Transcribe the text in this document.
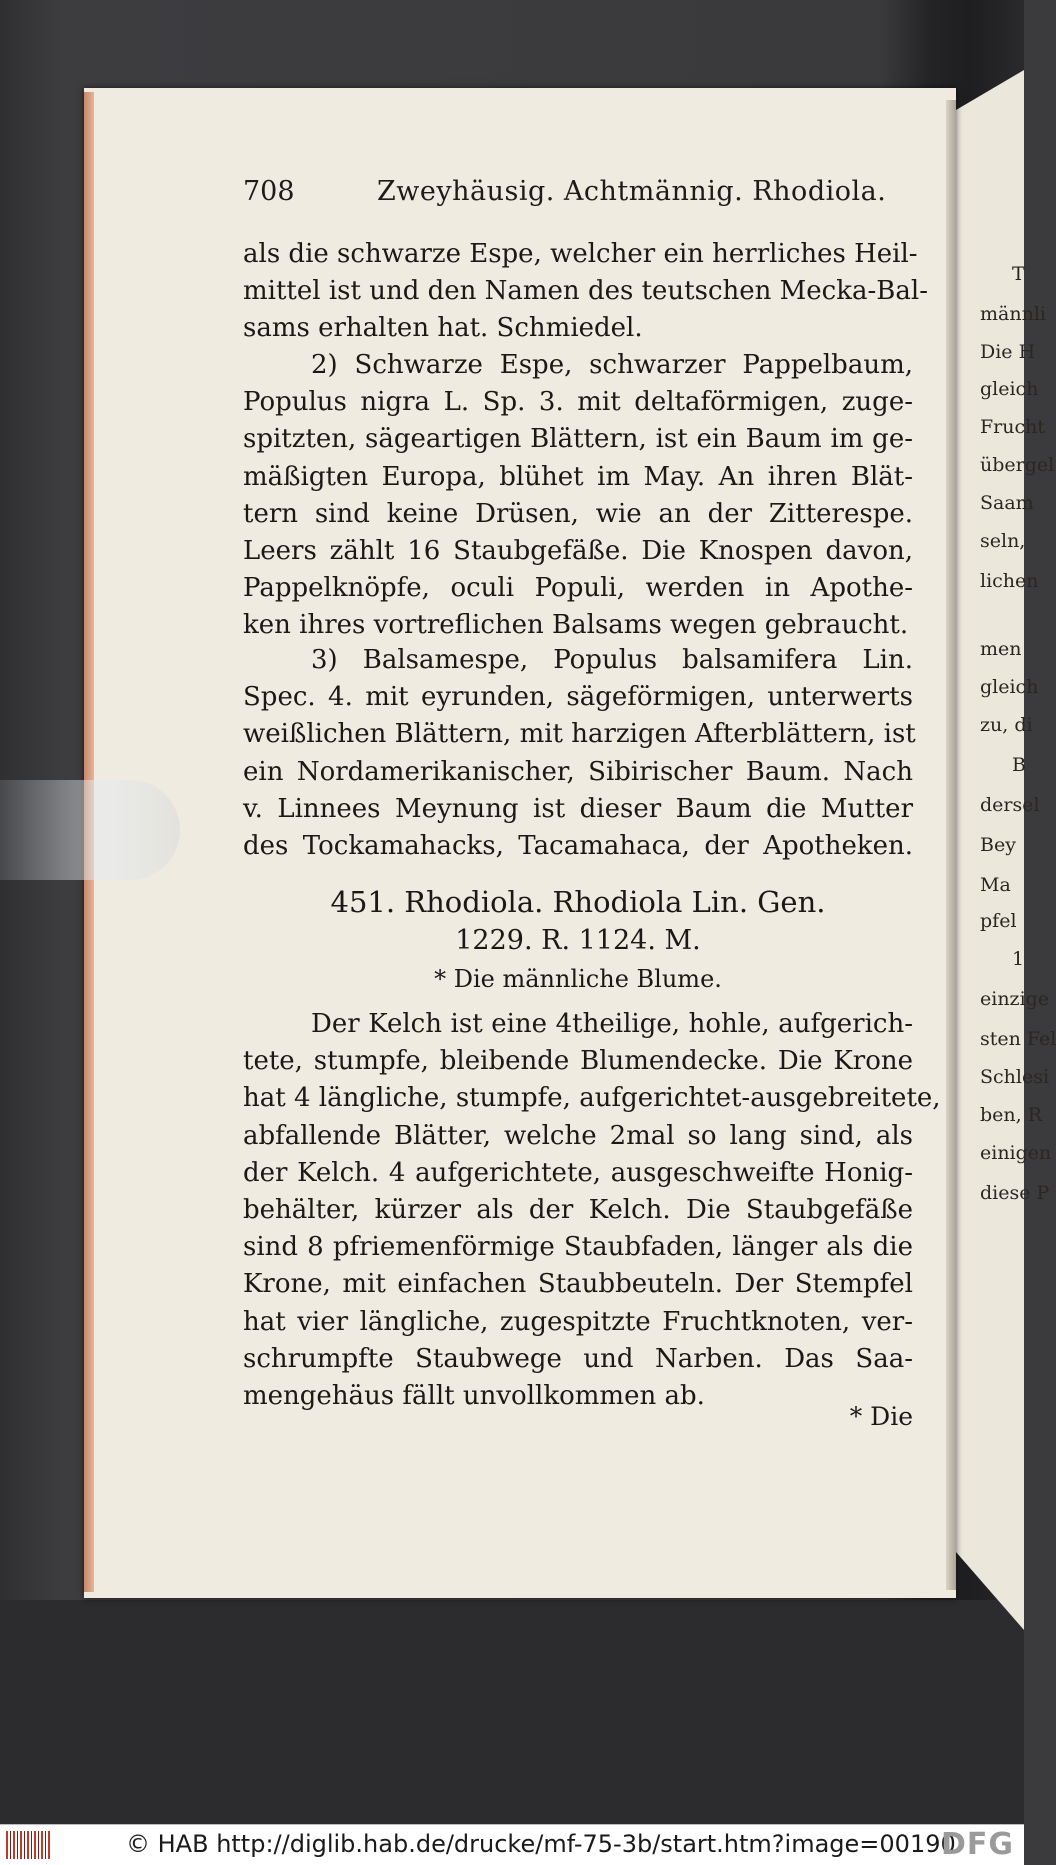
T
männli
Die H
gleich
Frucht
übergel
Saam
seln,
lichen
men
gleich
zu, di
B
dersel
Bey
Ma
pfel
1
einzige
sten Fel
Schlesi
ben, R
einigen
diese P
708	Zweyhäusig. Achtmännig. Rhodiola.
als die schwarze Espe, welcher ein herrliches Heil-
mittel ist und den Namen des teutschen Mecka-Bal-
sams erhalten hat. Schmiedel.
2) Schwarze Espe, schwarzer Pappelbaum,
Populus nigra L. Sp. 3. mit deltaförmigen, zuge-
spitzten, sägeartigen Blättern, ist ein Baum im ge-
mäßigten Europa, blühet im May. An ihren Blät-
tern sind keine Drüsen, wie an der Zitterespe.
Leers zählt 16 Staubgefäße. Die Knospen davon,
Pappelknöpfe, oculi Populi, werden in Apothe-
ken ihres vortreflichen Balsams wegen gebraucht.
3) Balsamespe, Populus balsamifera Lin.
Spec. 4. mit eyrunden, sägeförmigen, unterwerts
weißlichen Blättern, mit harzigen Afterblättern, ist
ein Nordamerikanischer, Sibirischer Baum. Nach
v. Linnees Meynung ist dieser Baum die Mutter
des Tockamahacks, Tacamahaca, der Apotheken.
451. Rhodiola. Rhodiola Lin. Gen.
1229. R. 1124. M.
* Die männliche Blume.
Der Kelch ist eine 4theilige, hohle, aufgerich-
tete, stumpfe, bleibende Blumendecke. Die Krone
hat 4 längliche, stumpfe, aufgerichtet-ausgebreitete,
abfallende Blätter, welche 2mal so lang sind, als
der Kelch. 4 aufgerichtete, ausgeschweifte Honig-
behälter, kürzer als der Kelch. Die Staubgefäße
sind 8 pfriemenförmige Staubfaden, länger als die
Krone, mit einfachen Staubbeuteln. Der Stempfel
hat vier längliche, zugespitzte Fruchtknoten, ver-
schrumpfte Staubwege und Narben. Das Saa-
mengehäus fällt unvollkommen ab.
* Die
© HAB http://diglib.hab.de/drucke/mf-75-3b/start.htm?image=00190
DFG
